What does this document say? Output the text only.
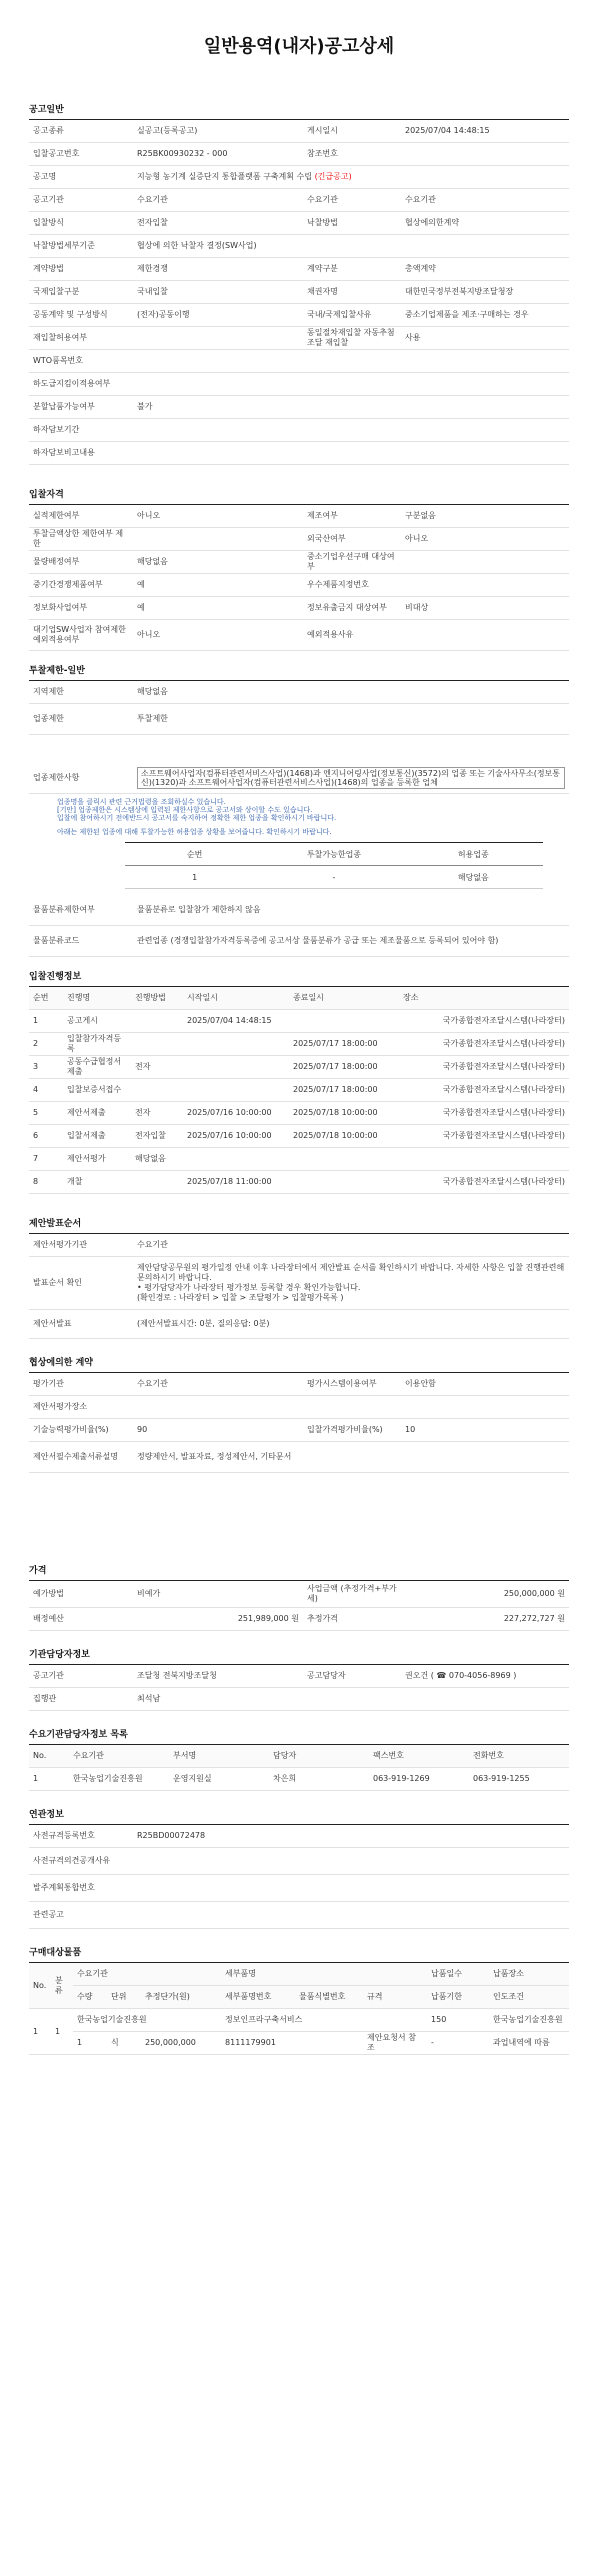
일반용역(내자)공고상세
공고일반
공고종류	실공고(등록공고)	게시일시	2025/07/04 14:48:15
입찰공고번호	R25BK00930232 - 000	참조번호	
공고명	지능형 농기계 실증단지 통합플랫폼 구축계획 수립 (긴급공고)		
공고기관	수요기관	수요기관	수요기관
입찰방식	전자입찰	낙찰방법	협상에의한계약
낙찰방법세부기준	협상에 의한 낙찰자 결정(SW사업)		
계약방법	제한경쟁	계약구분	총액계약
국제입찰구분	국내입찰	채권자명	대한민국정부전북지방조달청장
공동계약 및 구성방식	(전자)공동이행	국내/국제입찰사유	중소기업제품을 제조·구매하는 경우
재입찰허용여부		동일절차재입찰 자동추첨 조달 재입찰	사용
WTO품목번호			
하도급지킴이적용여부			
분할납품가능여부	불가		
하자담보기간			
하자담보비고내용			
입찰자격
실적제한여부	아니오	제조여부	구분없음
투찰금액상한 제한여부 제한		외국산여부	아니오
물량배정여부	해당없음	중소기업우선구매 대상여부	
중기간경쟁제품여부	예	우수제품지정번호	
정보화사업여부	예	정보유출금지 대상여부	비대상
대기업SW사업자 참여제한 예외적용여부	아니오	예외적용사유	
투찰제한-일반
지역제한	해당없음
업종제한	투찰제한
업종제한사항	소프트웨어사업자(컴퓨터관련서비스사업)(1468)과 엔지니어링사업(정보통신)(3572)의 업종 또는 기술사사무소(정보통신)(1320)과 소프트웨어사업자(컴퓨터관련서비스사업)(1468)의 업종을 등록한 업체
업종명을 클릭시 관련 근거법령을 조회하실수 있습니다.
[기안] 업종제한은 시스템상에 입력된 제한사항으로 공고서와 상이할 수도 있습니다.
입찰에 참여하시기 전에반드시 공고서를 숙지하여 정확한 제한 업종을 확인하시기 바랍니다.
아래는 제한된 업종에 대해 투찰가능한 허용업종 상황을 보여줍니다. 확인하시기 바랍니다.
순번	투찰가능한업종	허용업종
1	-	해당없음
물품분류제한여부	물품분류로 입찰참가 제한하지 않음
물품분류코드	관련업종 (경쟁입찰참가자격등록증에 공고서상 물품분류가 공급 또는 제조물품으로 등록되어 있어야 함)
입찰진행정보
순번	진행명	진행방법	시작일시	종료일시	장소
1	공고게시		2025/07/04 14:48:15		국가종합전자조달시스템(나라장터)
2	입찰참가자격등록			2025/07/17 18:00:00	국가종합전자조달시스템(나라장터)
3	공동수급협정서제출	전자		2025/07/17 18:00:00	국가종합전자조달시스템(나라장터)
4	입찰보증서접수			2025/07/17 18:00:00	국가종합전자조달시스템(나라장터)
5	제안서제출	전자	2025/07/16 10:00:00	2025/07/18 10:00:00	국가종합전자조달시스템(나라장터)
6	입찰서제출	전자입찰	2025/07/16 10:00:00	2025/07/18 10:00:00	국가종합전자조달시스템(나라장터)
7	제안서평가	해당없음			
8	개찰		2025/07/18 11:00:00		국가종합전자조달시스템(나라장터)
제안발표순서
제안서평가기관	수요기관
발표순서 확인	제안담당공무원의 평가일정 안내 이후 나라장터에서 제안발표 순서를 확인하시기 바랍니다. 자세한 사항은 입찰 진행관련해 문의하시기 바랍니다.
• 평가담당자가 나라장터 평가정보 등록할 경우 확인가능합니다.
(확인경로 : 나라장터 > 입찰 > 조달평가 > 입찰평가목록 )

제안서발표	(제안서발표시간: 0분, 질의응답: 0분)
협상에의한 계약
평가기관	수요기관	평가시스템이용여부	이용안함
제안서평가장소			
기술능력평가비율(%)	90	입찰가격평가비율(%)	10
제안서필수제출서류설명	정량제안서, 발표자료, 정성제안서, 기타문서		
가격
예가방법	비예가	사업금액 (추정가격+부가세)	250,000,000 원
배정예산	251,989,000 원	추정가격	227,272,727 원
기관담당자정보
공고기관	조달청 전북지방조달청	공고담당자	권오건 ( ☎ 070-4056-8969 )
집행관	최석남		
수요기관담당자정보 목록
No.	수요기관	부서명	담당자	팩스번호	전화번호
1	한국농업기술진흥원	운영지원실	차은희	063-919-1269	063-919-1255
연관정보
사전규격등록번호	R25BD00072478
사전규격의견공개사유	
발주계획통합번호	
관련공고	
구매대상물품
No.	분류	수요기관			세부품명			납품일수	납품장소
		수량	단위	추정단가(원)	세부품명번호	물품식별번호	규격	납품기한	인도조건
1	1	한국농업기술진흥원			정보인프라구축서비스			150	한국농업기술진흥원
		1	식	250,000,000	8111179901		제안요청서 참조	-	과업내역에 따름
